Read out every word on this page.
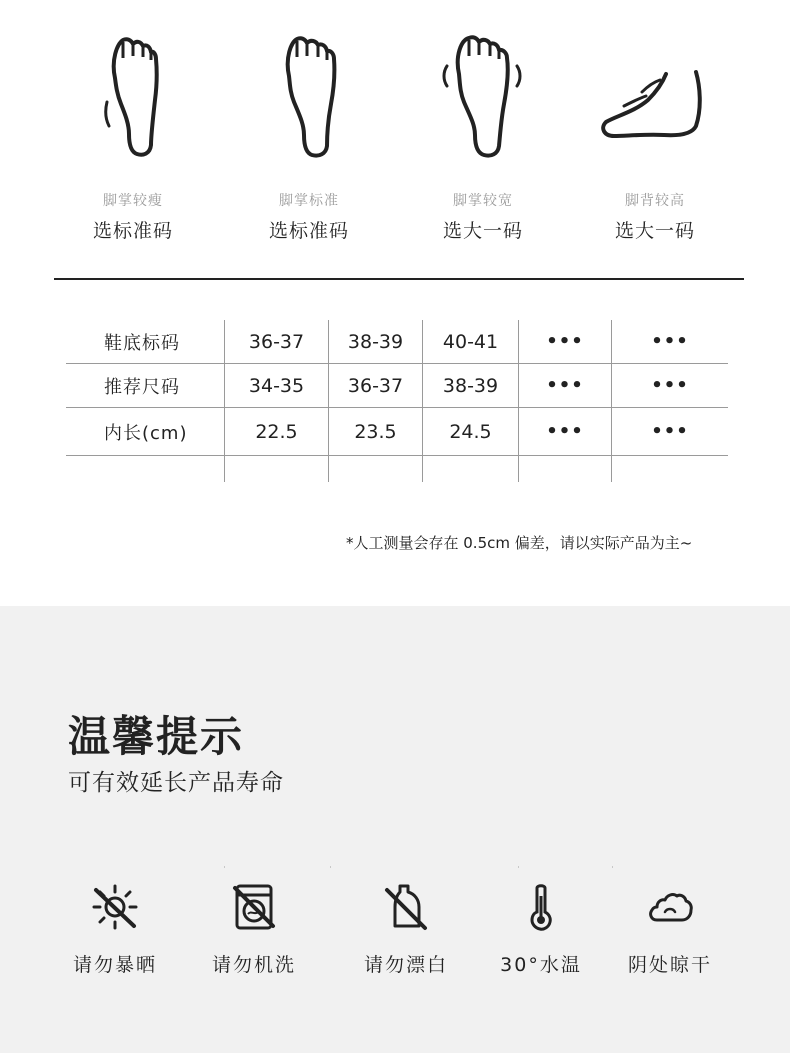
脚掌较瘦
选标准码
脚掌标准
选标准码
脚掌较宽
选大一码
脚背较高
选大一码
鞋底标码	36-37	38-39	40-41	•••	•••
推荐尺码	34-35	36-37	38-39	•••	•••
内长(cm)	22.5	23.5	24.5	•••	•••
*人工测量会存在 0.5cm 偏差，请以实际产品为主~
温馨提示
可有效延长产品寿命
请勿暴晒	请勿机洗	请勿漂白	30°水温 阴处晾干
